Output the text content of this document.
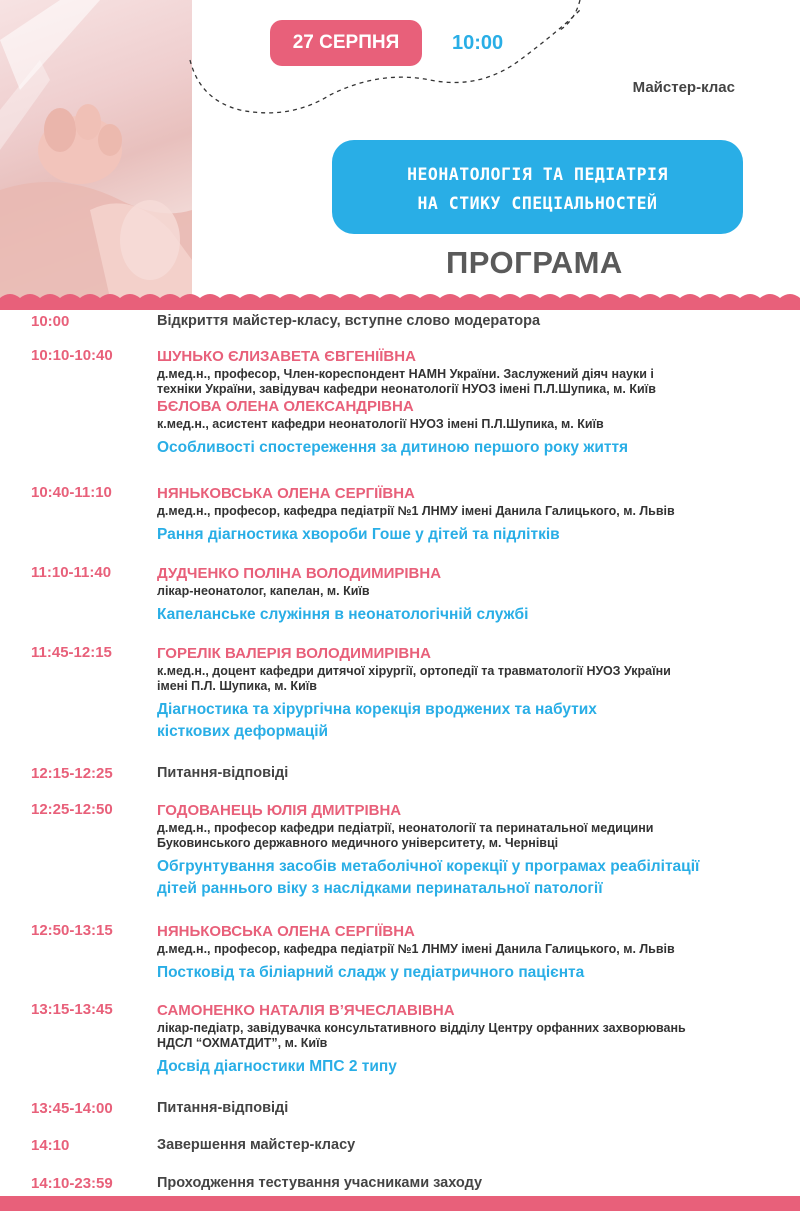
27 СЕРПНЯ	10:00
Майстер-клас
НЕОНАТОЛОГІЯ ТА ПЕДІАТРІЯ
НА СТИКУ СПЕЦІАЛЬНОСТЕЙ
ПРОГРАМА
10:00	Відкриття майстер-класу, вступне слово модератора
10:10-10:40	ШУНЬКО ЄЛИЗАВЕТА ЄВГЕНІЇВНА
д.мед.н., професор, Член-кореспондент НАМН України. Заслужений діяч науки і
техніки України, завідувач кафедри неонатології НУОЗ імені П.Л.Шупика, м. Київ
БЄЛОВА ОЛЕНА ОЛЕКСАНДРІВНА
к.мед.н., асистент кафедри неонатології НУОЗ імені П.Л.Шупика, м. Київ
Особливості спостереження за дитиною першого року життя
10:40-11:10	НЯНЬКОВСЬКА ОЛЕНА СЕРГІЇВНА
д.мед.н., професор, кафедра педіатрії №1 ЛНМУ імені Данила Галицького, м. Львів
Рання діагностика хвороби Гоше у дітей та підлітків
11:10-11:40	ДУДЧЕНКО ПОЛІНА ВОЛОДИМИРІВНА
лікар-неонатолог, капелан, м. Київ
Капеланське служіння в неонатологічній службі
11:45-12:15	ГОРЕЛІК ВАЛЕРІЯ ВОЛОДИМИРІВНА
к.мед.н., доцент кафедри дитячої хірургії, ортопедії та травматології НУОЗ України
імені П.Л. Шупика, м. Київ
Діагностика та хірургічна корекція вроджених та набутих
кісткових деформацій
12:15-12:25	Питання-відповіді
12:25-12:50	ГОДОВАНЕЦЬ ЮЛІЯ ДМИТРІВНА
д.мед.н., професор кафедри педіатрії, неонатології та перинатальної медицини
Буковинського державного медичного університету, м. Чернівці
Обгрунтування засобів метаболічної корекції у програмах реабілітації
дітей раннього віку з наслідками перинатальної патології
12:50-13:15	НЯНЬКОВСЬКА ОЛЕНА СЕРГІЇВНА
д.мед.н., професор, кафедра педіатрії №1 ЛНМУ імені Данила Галицького, м. Львів
Постковід та біліарний сладж у педіатричного пацієнта
13:15-13:45	САМОНЕНКО НАТАЛІЯ В’ЯЧЕСЛАВІВНА
лікар-педіатр, завідувачка консультативного відділу Центру орфанних захворювань
НДСЛ “ОХМАТДИТ”, м. Київ
Досвід діагностики МПС 2 типу
13:45-14:00	Питання-відповіді
14:10	Завершення майстер-класу
14:10-23:59	Проходження тестування учасниками заходу
